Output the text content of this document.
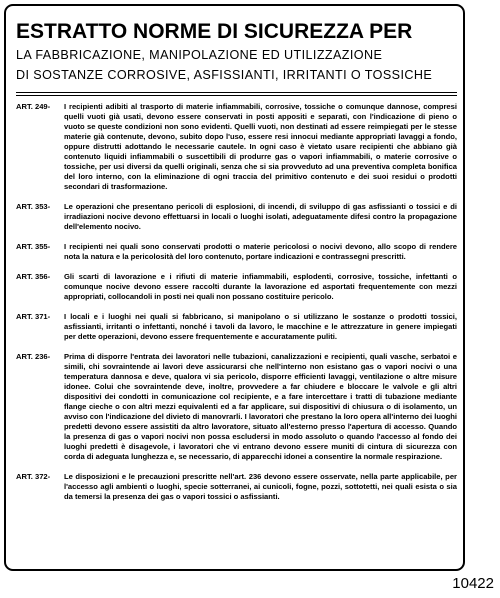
ESTRATTO NORME DI SICUREZZA PER
LA FABBRICAZIONE, MANIPOLAZIONE ED UTILIZZAZIONE
DI SOSTANZE CORROSIVE, ASFISSIANTI, IRRITANTI O TOSSICHE
ART. 249-	I recipienti adibiti al trasporto di materie infiammabili, corrosive, tossiche o comunque dannose, compresi quelli vuoti già usati, devono essere conservati in posti appositi e separati, con l'indicazione di pieno o vuoto se queste condizioni non sono evidenti. Quelli vuoti, non destinati ad essere reimpiegati per le stesse materie già contenute, devono, subito dopo l'uso, essere resi innocui mediante appropriati lavaggi a fondo, oppure distrutti adottando le necessarie cautele. In ogni caso è vietato usare recipienti che abbiano già contenuto liquidi infiammabili o suscettibili di produrre gas o vapori infiammabili, o materie corrosive o tossiche, per usi diversi da quelli originali, senza che si sia provveduto ad una preventiva completa bonifica del loro interno, con la eliminazione di ogni traccia del primitivo contenuto e dei suoi residui o prodotti secondari di trasformazione.
ART. 353-	Le operazioni che presentano pericoli di esplosioni, di incendi, di sviluppo di gas asfissianti o tossici e di irradiazioni nocive devono effettuarsi in locali o luoghi isolati, adeguatamente difesi contro la propagazione dell'elemento nocivo.
ART. 355-	I recipienti nei quali sono conservati prodotti o materie pericolosi o nocivi devono, allo scopo di rendere nota la natura e la pericolosità del loro contenuto, portare indicazioni e contrassegni prescritti.
ART. 356-	Gli scarti di lavorazione e i rifiuti di materie infiammabili, esplodenti, corrosive, tossiche, infettanti o comunque nocive devono essere raccolti durante la lavorazione ed asportati frequentemente con mezzi appropriati, collocandoli in posti nei quali non possano costituire pericolo.
ART. 371-	I locali e i luoghi nei quali si fabbricano, si manipolano o si utilizzano le sostanze o prodotti tossici, asfissianti, irritanti o infettanti, nonché i tavoli da lavoro, le macchine e le attrezzature in genere impiegati per dette operazioni, devono essere frequentemente e accuratamente puliti.
ART. 236-	Prima di disporre l'entrata dei lavoratori nelle tubazioni, canalizzazioni e recipienti, quali vasche, serbatoi e simili, chi sovraintende ai lavori deve assicurarsi che nell'interno non esistano gas o vapori nocivi o una temperatura dannosa e deve, qualora vi sia pericolo, disporre efficienti lavaggi, ventilazione o altre misure idonee. Colui che sovraintende deve, inoltre, provvedere a far chiudere e bloccare le valvole e gli altri dispositivi dei condotti in comunicazione col recipiente, e a fare intercettare i tratti di tubazione mediante flange cieche o con altri mezzi equivalenti ed a far applicare, sui dispositivi di chiusura o di isolamento, un avviso con l'indicazione del divieto di manovrarli. I lavoratori che prestano la loro opera all'interno dei luoghi predetti devono essere assistiti da altro lavoratore, situato all'esterno presso l'apertura di accesso. Quando la presenza di gas o vapori nocivi non possa escludersi in modo assoluto o quando l'accesso al fondo dei luoghi predetti è disagevole, i lavoratori che vi entrano devono essere muniti di cintura di sicurezza con corda di adeguata lunghezza e, se necessario, di apparecchi idonei a consentire la normale respirazione.
ART. 372-	Le disposizioni e le precauzioni prescritte nell'art. 236 devono essere osservate, nella parte applicabile, per l'accesso agli ambienti o luoghi, specie sotterranei, ai cunicoli, fogne, pozzi, sottotetti, nei quali esista o sia da temersi la presenza dei gas o vapori tossici o asfissianti.
10422
